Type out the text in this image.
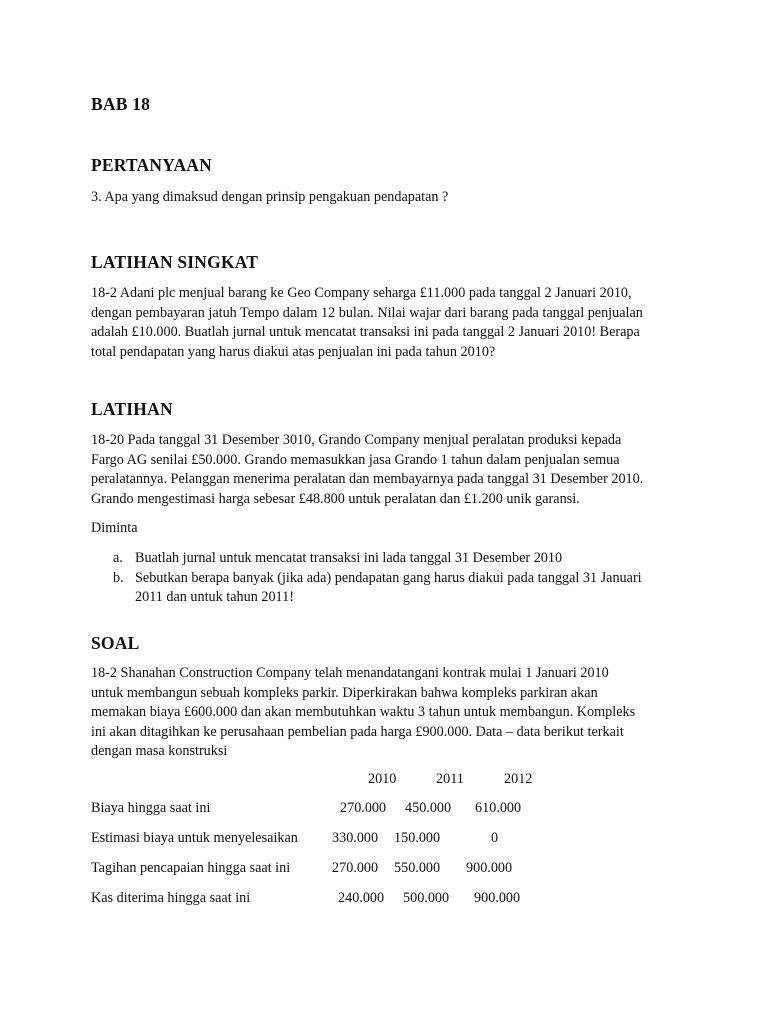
BAB 18
PERTANYAAN
3. Apa yang dimaksud dengan prinsip pengakuan pendapatan ?
LATIHAN SINGKAT
18-2 Adani plc menjual barang ke Geo Company seharga £11.000 pada tanggal 2 Januari 2010,
dengan pembayaran jatuh Tempo dalam 12 bulan. Nilai wajar dari barang pada tanggal penjualan
adalah £10.000. Buatlah jurnal untuk mencatat transaksi ini pada tanggal 2 Januari 2010! Berapa
total pendapatan yang harus diakui atas penjualan ini pada tahun 2010?
LATIHAN
18-20 Pada tanggal 31 Desember 3010, Grando Company menjual peralatan produksi kepada
Fargo AG senilai £50.000. Grando memasukkan jasa Grando 1 tahun dalam penjualan semua
peralatannya. Pelanggan menerima peralatan dan membayarnya pada tanggal 31 Desember 2010.
Grando mengestimasi harga sebesar £48.800 untuk peralatan dan £1.200 unik garansi.
Diminta
a. Buatlah jurnal untuk mencatat transaksi ini lada tanggal 31 Desember 2010
b. Sebutkan berapa banyak (jika ada) pendapatan gang harus diakui pada tanggal 31 Januari
2011 dan untuk tahun 2011!
SOAL
18-2 Shanahan Construction Company telah menandatangani kontrak mulai 1 Januari 2010
untuk membangun sebuah kompleks parkir. Diperkirakan bahwa kompleks parkiran akan
memakan biaya £600.000 dan akan membutuhkan waktu 3 tahun untuk membangun. Kompleks
ini akan ditagihkan ke perusahaan pembelian pada harga £900.000. Data – data berikut terkait
dengan masa konstruksi
2010	2011	2012
Biaya hingga saat ini	270.000 450.000 610.000
Estimasi biaya untuk menyelesaikan 330.000 150.000	0
Tagihan pencapaian hingga saat ini	270.000 550.000 900.000
Kas diterima hingga saat ini	240.000 500.000 900.000
